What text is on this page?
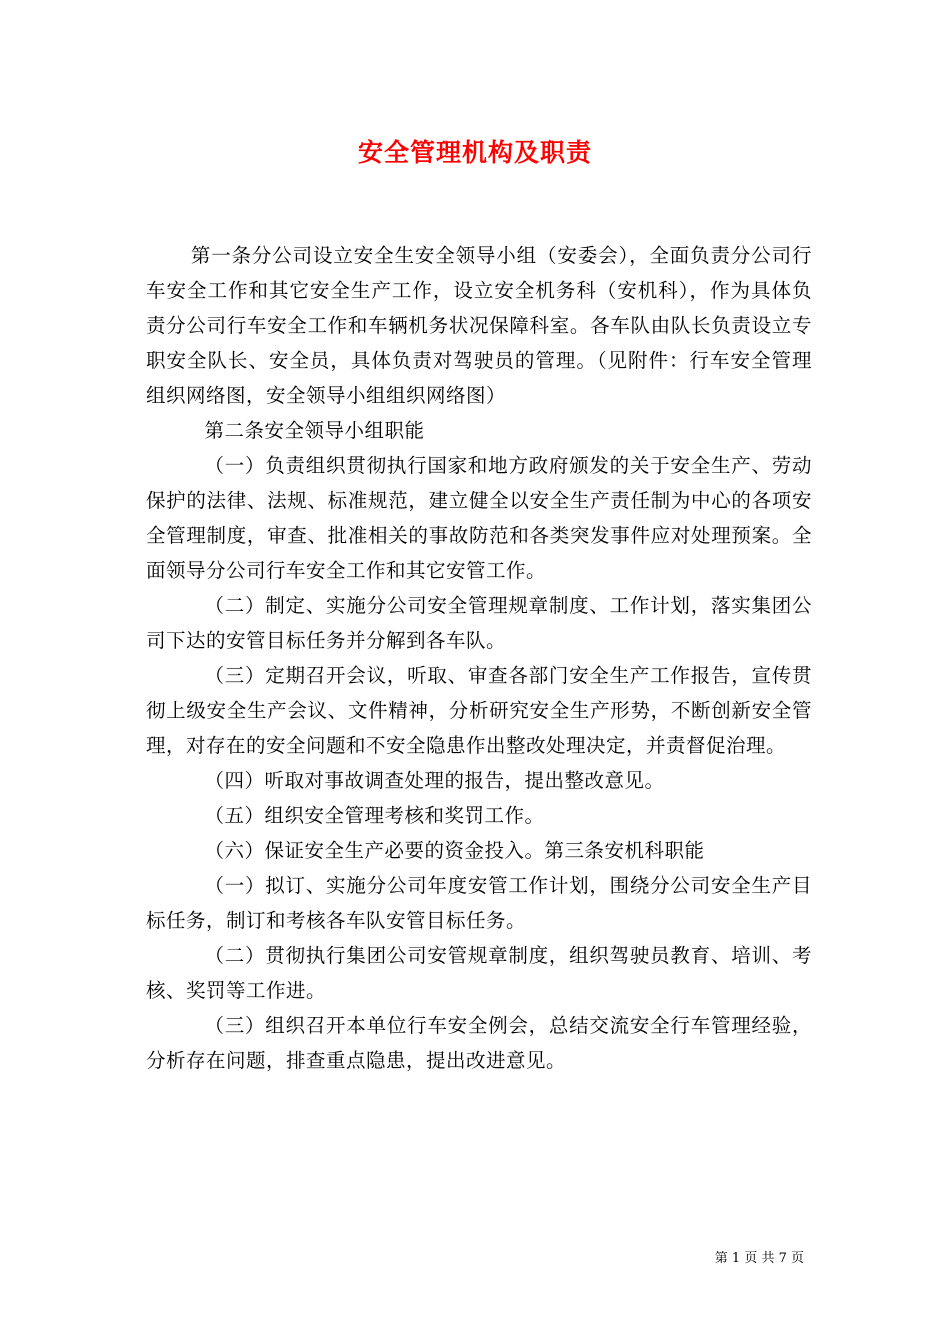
安全管理机构及职责

第一条分公司设立安全生安全领导小组（安委会），全面负责分公司行车安全工作和其它安全生产工作，设立安全机务科（安机科），作为具体负责分公司行车安全工作和车辆机务状况保障科室。各车队由队长负责设立专职安全队长、安全员，具体负责对驾驶员的管理。（见附件：行车安全管理组织网络图，安全领导小组组织网络图）

第二条安全领导小组职能

（一）负责组织贯彻执行国家和地方政府颁发的关于安全生产、劳动保护的法律、法规、标准规范，建立健全以安全生产责任制为中心的各项安全管理制度，审查、批准相关的事故防范和各类突发事件应对处理预案。全面领导分公司行车安全工作和其它安管工作。

（二）制定、实施分公司安全管理规章制度、工作计划，落实集团公司下达的安管目标任务并分解到各车队。

（三）定期召开会议，听取、审查各部门安全生产工作报告，宣传贯彻上级安全生产会议、文件精神，分析研究安全生产形势，不断创新安全管理，对存在的安全问题和不安全隐患作出整改处理决定，并责督促治理。

（四）听取对事故调查处理的报告，提出整改意见。

（五）组织安全管理考核和奖罚工作。

（六）保证安全生产必要的资金投入。第三条安机科职能

（一）拟订、实施分公司年度安管工作计划，围绕分公司安全生产目标任务，制订和考核各车队安管目标任务。

（二）贯彻执行集团公司安管规章制度，组织驾驶员教育、培训、考核、奖罚等工作进。

（三）组织召开本单位行车安全例会，总结交流安全行车管理经验，分析存在问题，排查重点隐患，提出改进意见。

第 1 页 共 7 页
